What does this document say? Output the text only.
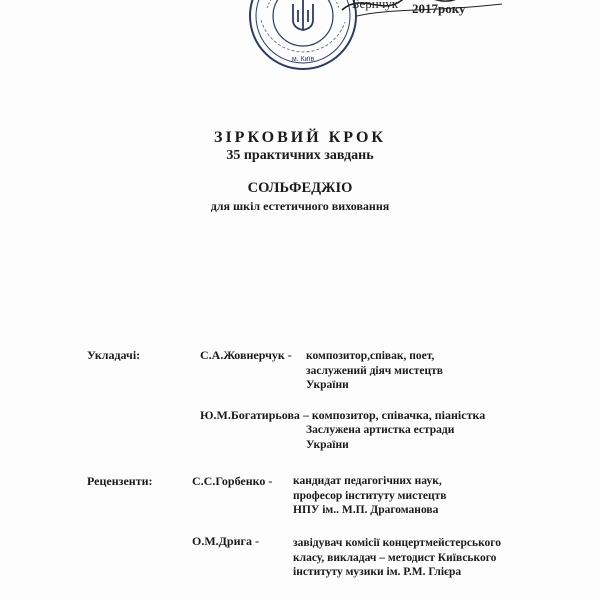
м. Київ
Бернчук 2017року
ЗІРКОВИЙ КРОК
35 практичних завдань
СОЛЬФЕДЖІО
для шкіл естетичного виховання
Укладачі:	С.А.Жовнерчук - композитор,співак, поет,
заслужений діяч мистецтв
України
Ю.М.Богатирьова – композитор, співачка, піаністка
Заслужена артистка естради
України
Рецензенти:	С.С.Горбенко - кандидат педагогічних наук,
професор інституту мистецтв
НПУ ім.. М.П. Драгоманова
О.М.Дрига -	завідувач комісії концертмейстерського
класу, викладач – методист Київського
інституту музики ім. Р.М. Глієра
